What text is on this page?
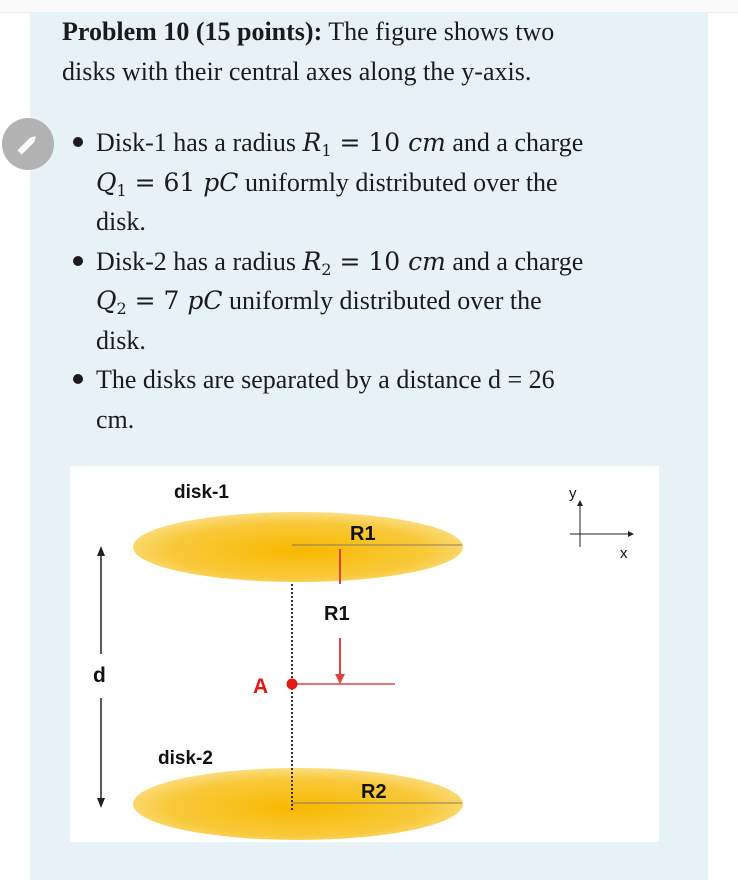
Problem 10 (15 points): The figure shows two
disks with their central axes along the y-axis.
Disk-1 has a radius $R_1 = 10$ cm and a charge
$Q_1 = 61$ pC uniformly distributed over the
disk.
Disk-2 has a radius $R_2 = 10$ cm and a charge
$Q_2 = 7$ pC uniformly distributed over the
disk.
The disks are separated by a distance d = 26
cm.
disk-1
R1
R1
d	A
disk-2
R2
y
x
